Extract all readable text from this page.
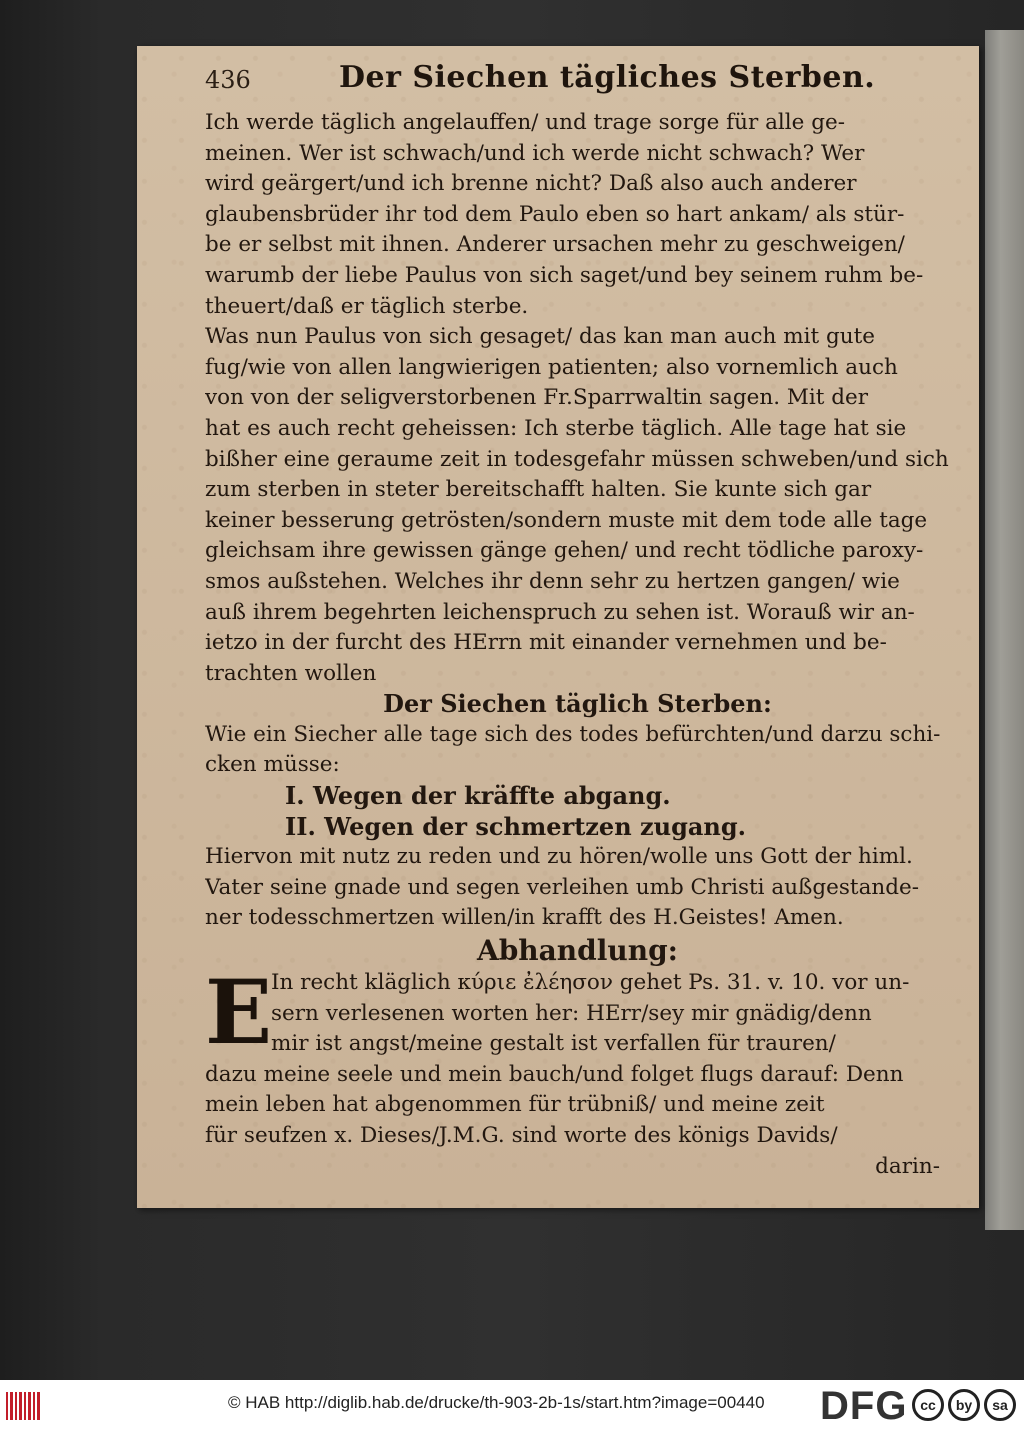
436	Der Siechen tägliches Sterben.
Ich werde täglich angelauffen/ und trage sorge für alle ge-
meinen. Wer ist schwach/und ich werde nicht schwach? Wer
wird geärgert/und ich brenne nicht? Daß also auch anderer
glaubensbrüder ihr tod dem Paulo eben so hart ankam/ als stür-
be er selbst mit ihnen. Anderer ursachen mehr zu geschweigen/
warumb der liebe Paulus von sich saget/und bey seinem ruhm be-
theuert/daß er täglich sterbe.
Was nun Paulus von sich gesaget/ das kan man auch mit gute
fug/wie von allen langwierigen patienten; also vornemlich auch
von von der seligverstorbenen Fr.Sparrwaltin sagen. Mit der
hat es auch recht geheissen: Ich sterbe täglich. Alle tage hat sie
bißher eine geraume zeit in todesgefahr müssen schweben/und sich
zum sterben in steter bereitschafft halten. Sie kunte sich gar
keiner besserung getrösten/sondern muste mit dem tode alle tage
gleichsam ihre gewissen gänge gehen/ und recht tödliche paroxy-
smos außstehen. Welches ihr denn sehr zu hertzen gangen/ wie
auß ihrem begehrten leichenspruch zu sehen ist. Worauß wir an-
ietzo in der furcht des HErrn mit einander vernehmen und be-
trachten wollen
Der Siechen täglich Sterben:
Wie ein Siecher alle tage sich des todes befürchten/und darzu schi-
cken müsse:
I. Wegen der kräffte abgang.
II. Wegen der schmertzen zugang.
Hiervon mit nutz zu reden und zu hören/wolle uns Gott der himl.
Vater seine gnade und segen verleihen umb Christi außgestande-
ner todesschmertzen willen/in krafft des H.Geistes! Amen.
Abhandlung:
E
In recht kläglich κύριε ἐλέησον gehet Ps. 31. v. 10. vor un-
sern verlesenen worten her: HErr/sey mir gnädig/denn
mir ist angst/meine gestalt ist verfallen für trauren/
dazu meine seele und mein bauch/und folget flugs darauf: Denn
mein leben hat abgenommen für trübniß/ und meine zeit
für seufzen x. Dieses/J.M.G. sind worte des königs Davids/
darin-
© HAB http://diglib.hab.de/drucke/th-903-2b-1s/start.htm?image=00440 DFG cc	by	sa
